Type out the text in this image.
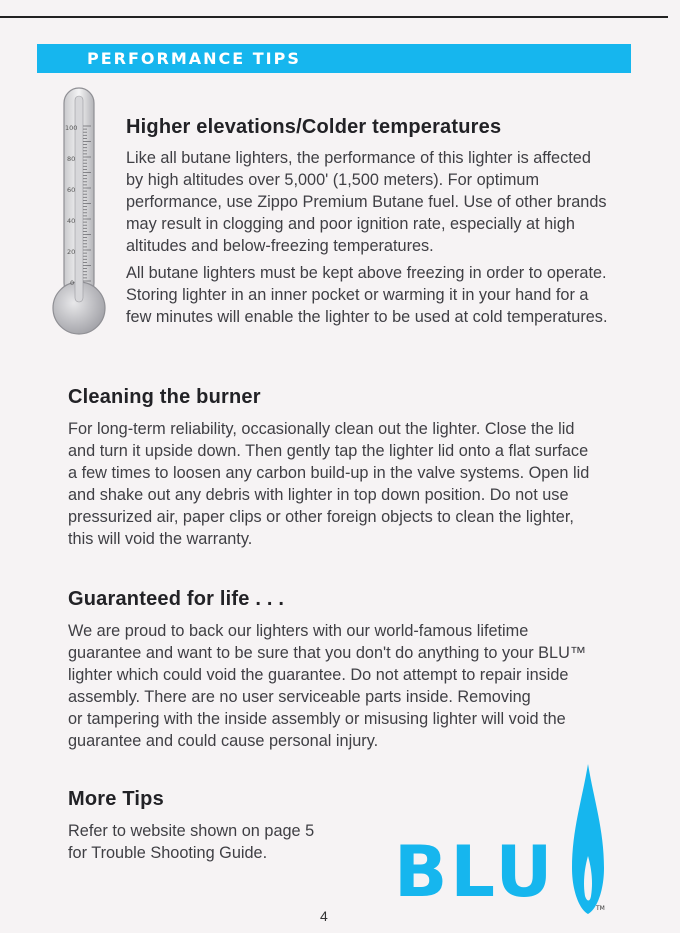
PERFORMANCE TIPS
100
80
60
40
20
0
Higher elevations/Colder temperatures
Like all butane lighters, the performance of this lighter is affected
by high altitudes over 5,000' (1,500 meters). For optimum
performance, use Zippo Premium Butane fuel. Use of other brands
may result in clogging and poor ignition rate, especially at high
altitudes and below-freezing temperatures.
All butane lighters must be kept above freezing in order to operate.
Storing lighter in an inner pocket or warming it in your hand for a
few minutes will enable the lighter to be used at cold temperatures.
Cleaning the burner
For long-term reliability, occasionally clean out the lighter. Close the lid
and turn it upside down. Then gently tap the lighter lid onto a flat surface
a few times to loosen any carbon build-up in the valve systems. Open lid
and shake out any debris with lighter in top down position. Do not use
pressurized air, paper clips or other foreign objects to clean the lighter,
this will void the warranty.
Guaranteed for life . . .
We are proud to back our lighters with our world-famous lifetime
guarantee and want to be sure that you don't do anything to your BLU™
lighter which could void the guarantee. Do not attempt to repair inside
assembly. There are no user serviceable parts inside. Removing
or tampering with the inside assembly or misusing lighter will void the
guarantee and could cause personal injury.
More Tips
Refer to website shown on page 5
for Trouble Shooting Guide.	BLU	TM
4
